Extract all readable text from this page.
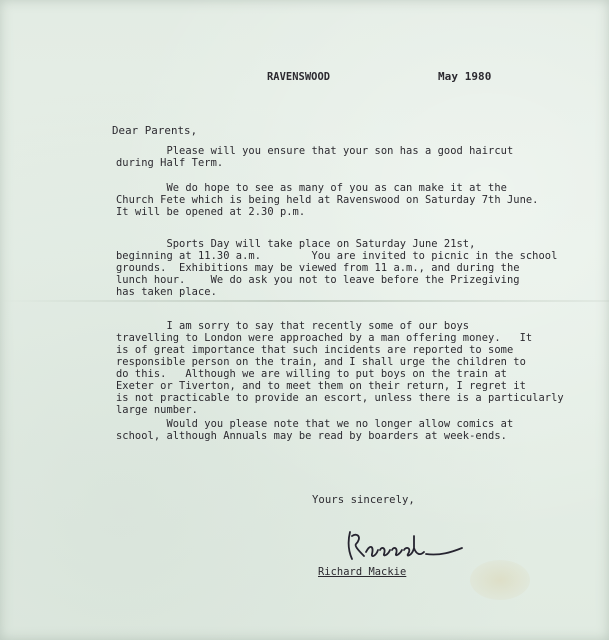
RAVENSWOOD	May 1980
Dear Parents,
Please will you ensure that your son has a good haircut
during Half Term.
We do hope to see as many of you as can make it at the
Church Fete which is being held at Ravenswood on Saturday 7th June.
It will be opened at 2.30 p.m.
Sports Day will take place on Saturday June 21st,
beginning at 11.30 a.m.        You are invited to picnic in the school
grounds.  Exhibitions may be viewed from 11 a.m., and during the
lunch hour.    We do ask you not to leave before the Prizegiving
has taken place.
I am sorry to say that recently some of our boys
travelling to London were approached by a man offering money.   It
is of great importance that such incidents are reported to some
responsible person on the train, and I shall urge the children to
do this.   Although we are willing to put boys on the train at
Exeter or Tiverton, and to meet them on their return, I regret it
is not practicable to provide an escort, unless there is a particularly
large number.
Would you please note that we no longer allow comics at
school, although Annuals may be read by boarders at week-ends.
Yours sincerely,
Richard Mackie
